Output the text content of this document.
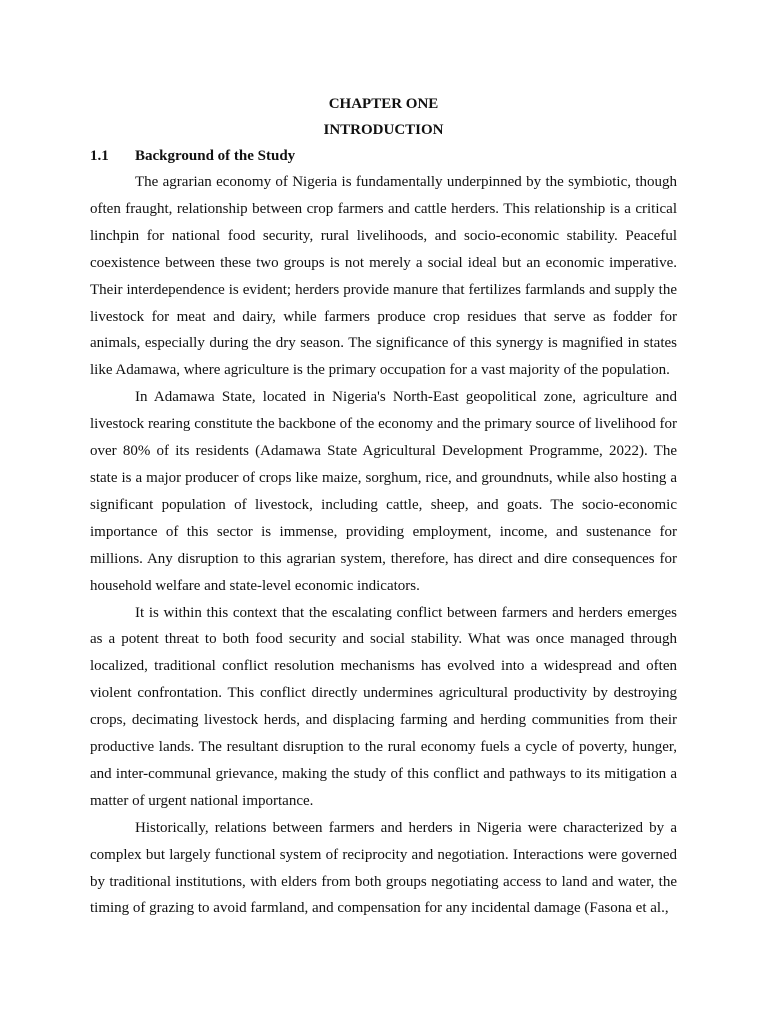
CHAPTER ONE

INTRODUCTION

1.1	Background of the Study

The agrarian economy of Nigeria is fundamentally underpinned by the symbiotic, though often fraught, relationship between crop farmers and cattle herders. This relationship is a critical linchpin for national food security, rural livelihoods, and socio-economic stability. Peaceful coexistence between these two groups is not merely a social ideal but an economic imperative. Their interdependence is evident; herders provide manure that fertilizes farmlands and supply the livestock for meat and dairy, while farmers produce crop residues that serve as fodder for animals, especially during the dry season. The significance of this synergy is magnified in states like Adamawa, where agriculture is the primary occupation for a vast majority of the population.

In Adamawa State, located in Nigeria's North-East geopolitical zone, agriculture and livestock rearing constitute the backbone of the economy and the primary source of livelihood for over 80% of its residents (Adamawa State Agricultural Development Programme, 2022). The state is a major producer of crops like maize, sorghum, rice, and groundnuts, while also hosting a significant population of livestock, including cattle, sheep, and goats. The socio-economic importance of this sector is immense, providing employment, income, and sustenance for millions. Any disruption to this agrarian system, therefore, has direct and dire consequences for household welfare and state-level economic indicators.

It is within this context that the escalating conflict between farmers and herders emerges as a potent threat to both food security and social stability. What was once managed through localized, traditional conflict resolution mechanisms has evolved into a widespread and often violent confrontation. This conflict directly undermines agricultural productivity by destroying crops, decimating livestock herds, and displacing farming and herding communities from their productive lands. The resultant disruption to the rural economy fuels a cycle of poverty, hunger, and inter-communal grievance, making the study of this conflict and pathways to its mitigation a matter of urgent national importance.

Historically, relations between farmers and herders in Nigeria were characterized by a complex but largely functional system of reciprocity and negotiation. Interactions were governed by traditional institutions, with elders from both groups negotiating access to land and water, the timing of grazing to avoid farmland, and compensation for any incidental damage (Fasona et al.,
